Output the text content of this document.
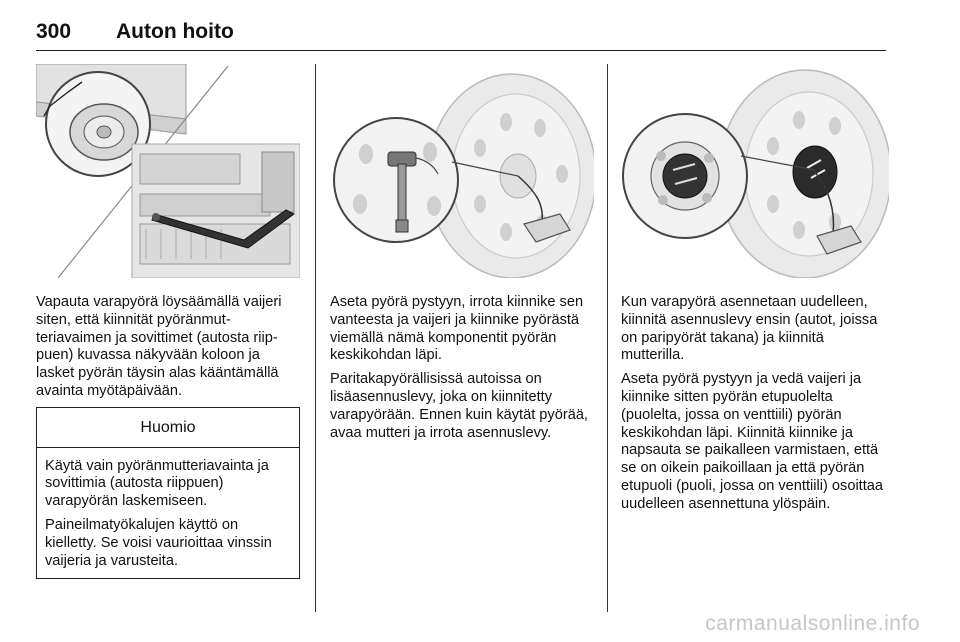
300 Auton hoito

Vapauta varapyörä löysäämällä vaijeri siten, että kiinnität pyöränmutteriavaimen ja sovittimet (autosta riippuen) kuvassa näkyvään koloon ja lasket pyörän täysin alas kääntämällä avainta myötäpäivään.

Huomio

Käytä vain pyöränmutteriavainta ja sovittimia (autosta riippuen) varapyörän laskemiseen.

Paineilmatyökalujen käyttö on kielletty. Se voisi vaurioittaa vinssin vaijeria ja varusteita.

Aseta pyörä pystyyn, irrota kiinnike sen vanteesta ja vaijeri ja kiinnike pyörästä viemällä nämä komponentit pyörän keskikohdan läpi.

Paritakapyörällisissä autoissa on lisäasennuslevy, joka on kiinnitetty varapyörään. Ennen kuin käytät pyörää, avaa mutteri ja irrota asennuslevy.

Kun varapyörä asennetaan uudelleen, kiinnitä asennuslevy ensin (autot, joissa on paripyörät takana) ja kiinnitä mutterilla.

Aseta pyörä pystyyn ja vedä vaijeri ja kiinnike sitten pyörän etupuolelta (puolelta, jossa on venttiili) pyörän keskikohdan läpi. Kiinnitä kiinnike ja napsauta se paikalleen varmistaen, että se on oikein paikoillaan ja että pyörän etupuoli (puoli, jossa on venttiili) osoittaa uudelleen asennettuna ylöspäin.

carmanualsonline.info
